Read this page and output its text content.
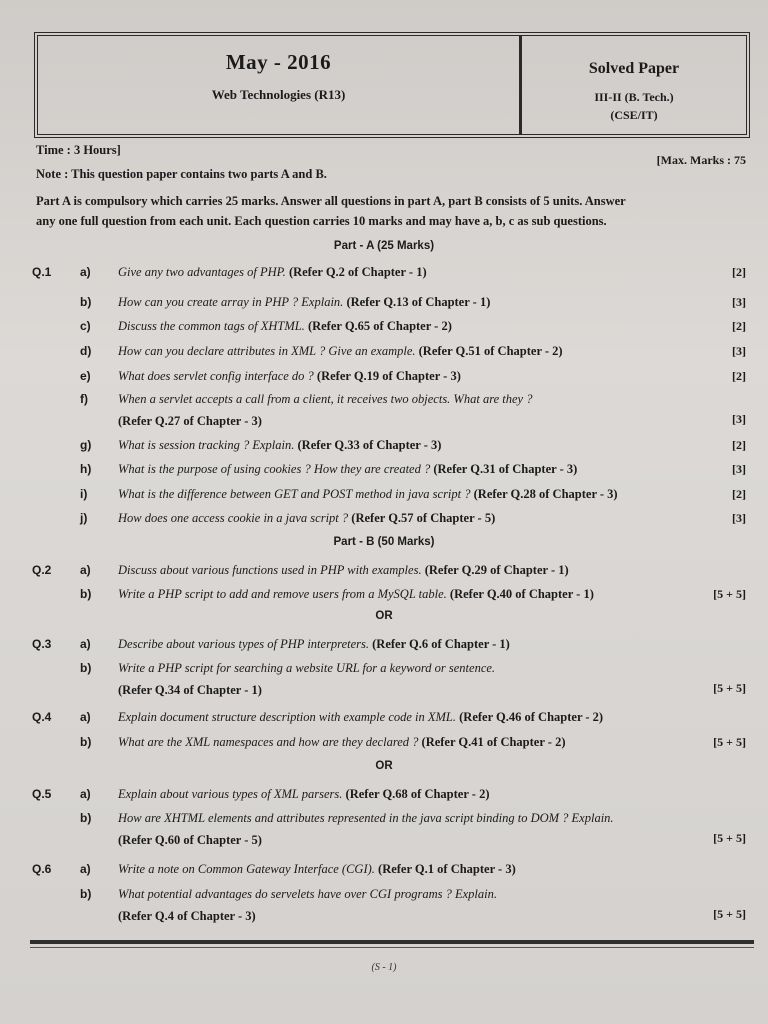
May - 2016
Web Technologies (R13)
Solved Paper
III-II (B. Tech.)
(CSE/IT)
Time : 3 Hours]
[Max. Marks : 75
Note : This question paper contains two parts A and B.
Part A is compulsory which carries 25 marks. Answer all questions in part A, part B consists of 5 units. Answer
any one full question from each unit. Each question carries 10 marks and may have a, b, c as sub questions.
Part - A (25 Marks)
Q.1 a) Give any two advantages of PHP. (Refer Q.2 of Chapter - 1)	[2]
b) How can you create array in PHP ? Explain. (Refer Q.13 of Chapter - 1)	[3]
c) Discuss the common tags of XHTML. (Refer Q.65 of Chapter - 2)	[2]
d) How can you declare attributes in XML ? Give an example. (Refer Q.51 of Chapter - 2)	[3]
e) What does servlet config interface do ? (Refer Q.19 of Chapter - 3)	[2]
f) When a servlet accepts a call from a client, it receives two objects. What are they ?
(Refer Q.27 of Chapter - 3)	[3]
g) What is session tracking ? Explain. (Refer Q.33 of Chapter - 3)	[2]
h) What is the purpose of using cookies ? How they are created ? (Refer Q.31 of Chapter - 3)	[3]
i) What is the difference between GET and POST method in java script ? (Refer Q.28 of Chapter - 3)	[2]
j) How does one access cookie in a java script ? (Refer Q.57 of Chapter - 5)	[3]
Part - B (50 Marks)
Q.2 a) Discuss about various functions used in PHP with examples. (Refer Q.29 of Chapter - 1)
b) Write a PHP script to add and remove users from a MySQL table. (Refer Q.40 of Chapter - 1)	[5 + 5]
Q.3 a) Describe about various types of PHP interpreters. (Refer Q.6 of Chapter - 1)
b) Write a PHP script for searching a website URL for a keyword or sentence.
(Refer Q.34 of Chapter - 1)	[5 + 5]
Q.4 a) Explain document structure description with example code in XML. (Refer Q.46 of Chapter - 2)
b) What are the XML namespaces and how are they declared ? (Refer Q.41 of Chapter - 2)	[5 + 5]
Q.5 a) Explain about various types of XML parsers. (Refer Q.68 of Chapter - 2)
b) How are XHTML elements and attributes represented in the java script binding to DOM ? Explain.
(Refer Q.60 of Chapter - 5)	[5 + 5]
Q.6 a) Write a note on Common Gateway Interface (CGI). (Refer Q.1 of Chapter - 3)
b) What potential advantages do servelets have over CGI programs ? Explain.
(Refer Q.4 of Chapter - 3)	[5 + 5]
OR
OR
(S - 1)
